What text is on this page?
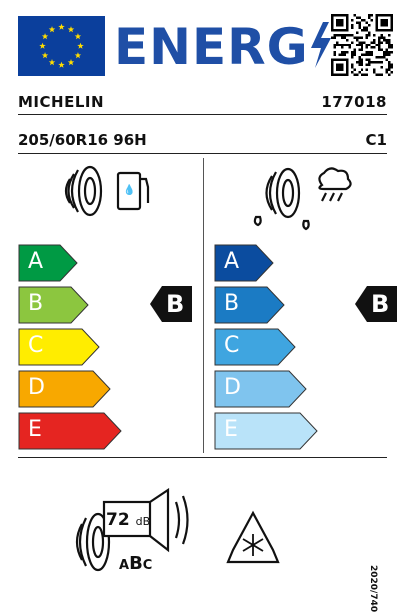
ENERG
MICHELIN	177018
205/60R16 96H	C1
💧
A
B
C
D
E
A
B
C
D
E
B	B
72 dB
ABC	2020/740
